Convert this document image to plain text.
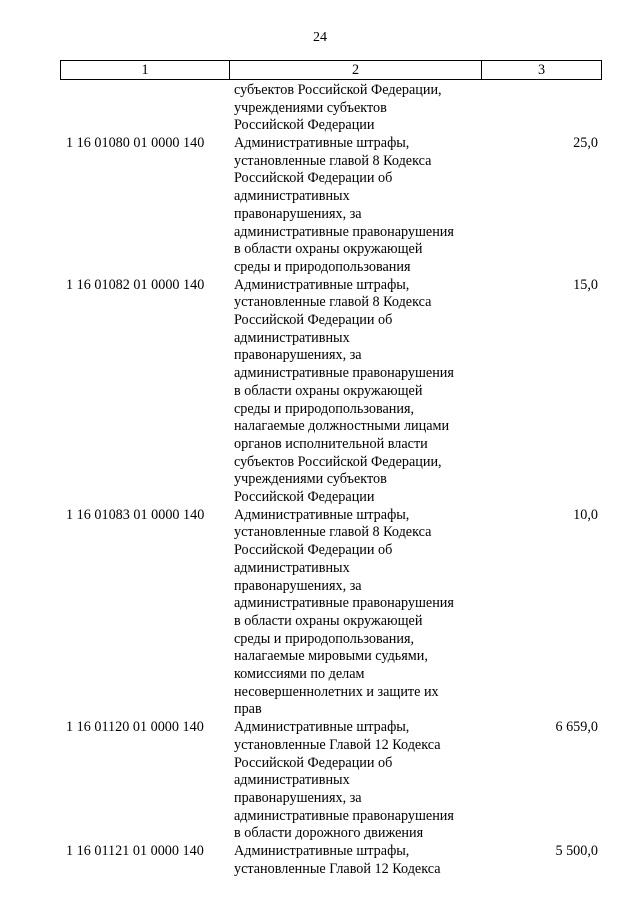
24
1	2	3
субъектов Российской Федерации,
учреждениями субъектов
Российской Федерации
1 16 01080 01 0000 140 Административные штрафы,
установленные главой 8 Кодекса
Российской Федерации об
административных
правонарушениях, за
административные правонарушения
в области охраны окружающей
среды и природопользования
25,0
1 16 01082 01 0000 140 Административные штрафы,
установленные главой 8 Кодекса
Российской Федерации об
административных
правонарушениях, за
административные правонарушения
в области охраны окружающей
среды и природопользования,
налагаемые должностными лицами
органов исполнительной власти
субъектов Российской Федерации,
учреждениями субъектов
Российской Федерации
15,0
1 16 01083 01 0000 140 Административные штрафы,
установленные главой 8 Кодекса
Российской Федерации об
административных
правонарушениях, за
административные правонарушения
в области охраны окружающей
среды и природопользования,
налагаемые мировыми судьями,
комиссиями по делам
несовершеннолетних и защите их
прав
10,0
1 16 01120 01 0000 140 Административные штрафы,
установленные Главой 12 Кодекса
Российской Федерации об
административных
правонарушениях, за
административные правонарушения
в области дорожного движения
6 659,0
1 16 01121 01 0000 140 Административные штрафы,
установленные Главой 12 Кодекса
5 500,0
